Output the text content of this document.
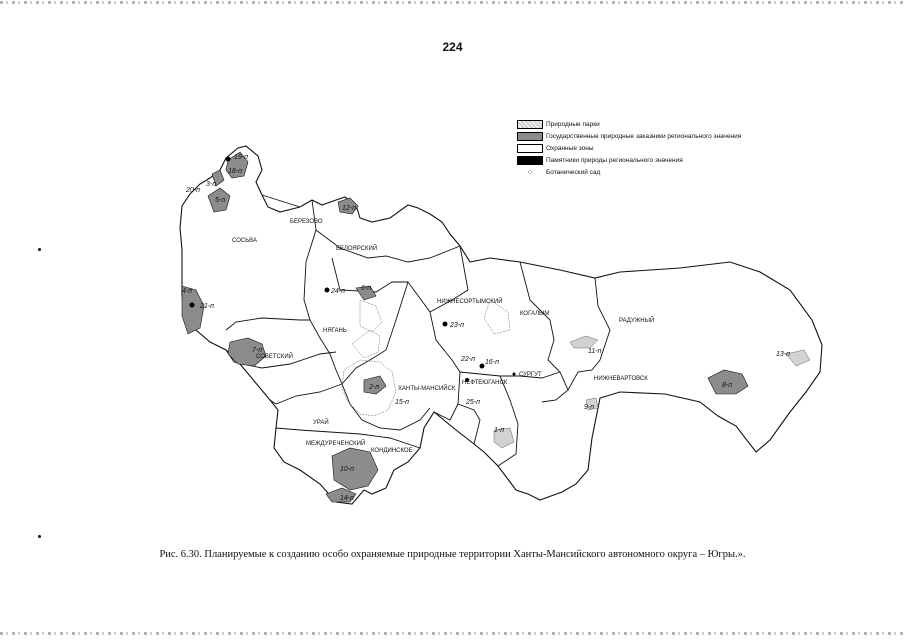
224
БЕРЕЗОВО
СОСЬВА
БЕЛОЯРСКИЙ
НЯГАНЬ
СОВЕТСКИЙ
ХАНТЫ-МАНСИЙСК
УРАЙ
МЕЖДУРЕЧЕНСКИЙ
КОНДИНСКОЕ
НИЖНЕСОРТЫМСКИЙ
КОГАЛЫМ
СУРГУТ
НЕФТЕЮГАНСК
РАДУЖНЫЙ
НИЖНЕВАРТОВСК
19-п
18-п
3-п
20-п
5-п
12-п
4-п
21-п
24-п 6-п
7-п
2-п
15-п
23-п
22-п 16-п
25-п
1-п
11-п	13-п
8-п
9-п
10-п
14-п
Природные парки
Государственные природные заказники регионального значения
Охранные зоны
Памятники природы регионального значения
⁘	Ботанический сад
Рис. 6.30. Планируемые к созданию особо охраняемые природные территории Ханты-Мансийского автономного округа – Югры.».
